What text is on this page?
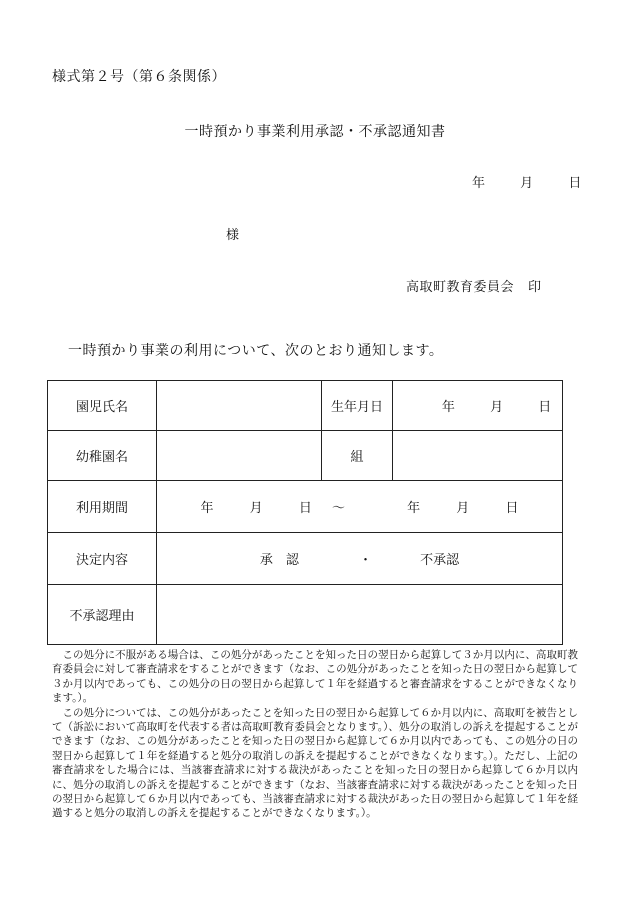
様式第２号（第６条関係）
一時預かり事業利用承認・不承認通知書
年	月	日
様
高取町教育委員会 印
一時預かり事業の利用について、次のとおり通知します。
園児氏名		生年月日	年 月 日
幼稚園名		組	
利用期間	年 月 日 ～ 年 月 日		
決定内容	承　認 ・ 不承認		
不承認理由			

この処分に不服がある場合は、この処分があったことを知った日の翌日から起算して３か月以内に、高取町教育委員会に対して審査請求をすることができます（なお、この処分があったことを知った日の翌日から起算して３か月以内であっても、この処分の日の翌日から起算して１年を経過すると審査請求をすることができなくなります。）。

この処分については、この処分があったことを知った日の翌日から起算して６か月以内に、高取町を被告として（訴訟において高取町を代表する者は高取町教育委員会となります。）、処分の取消しの訴えを提起することができます（なお、この処分があったことを知った日の翌日から起算して６か月以内であっても、この処分の日の翌日から起算して１年を経過すると処分の取消しの訴えを提起することができなくなります。）。ただし、上記の審査請求をした場合には、当該審査請求に対する裁決があったことを知った日の翌日から起算して６か月以内に、処分の取消しの訴えを提起することができます（なお、当該審査請求に対する裁決があったことを知った日の翌日から起算して６か月以内であっても、当該審査請求に対する裁決があった日の翌日から起算して１年を経過すると処分の取消しの訴えを提起することができなくなります。）。
